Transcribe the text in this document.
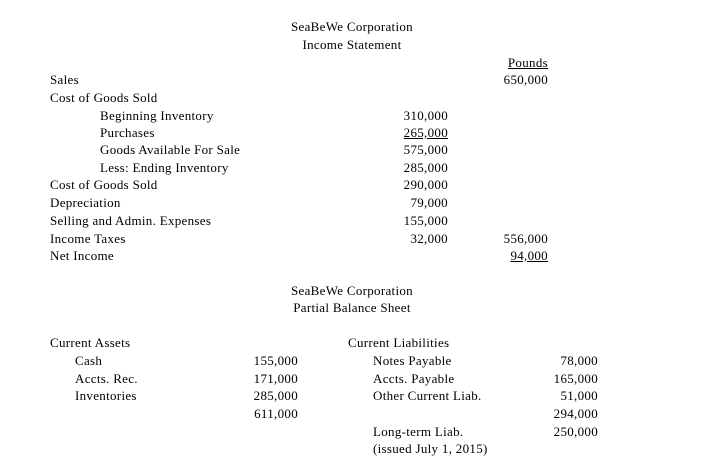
SeaBeWe Corporation
Income Statement
Pounds
Sales	650,000
Cost of Goods Sold
Beginning Inventory	310,000
Purchases	265,000
Goods Available For Sale	575,000
Less: Ending Inventory	285,000
Cost of Goods Sold	290,000
Depreciation	79,000
Selling and Admin. Expenses	155,000
Income Taxes	32,000	556,000
Net Income	94,000
SeaBeWe Corporation
Partial Balance Sheet
Current Assets	Current Liabilities
Cash	155,000	Notes Payable	78,000
Accts. Rec.	171,000	Accts. Payable	165,000
Inventories	285,000	Other Current Liab.	51,000
611,000	294,000
Long-term Liab.	250,000
(issued July 1, 2015)
